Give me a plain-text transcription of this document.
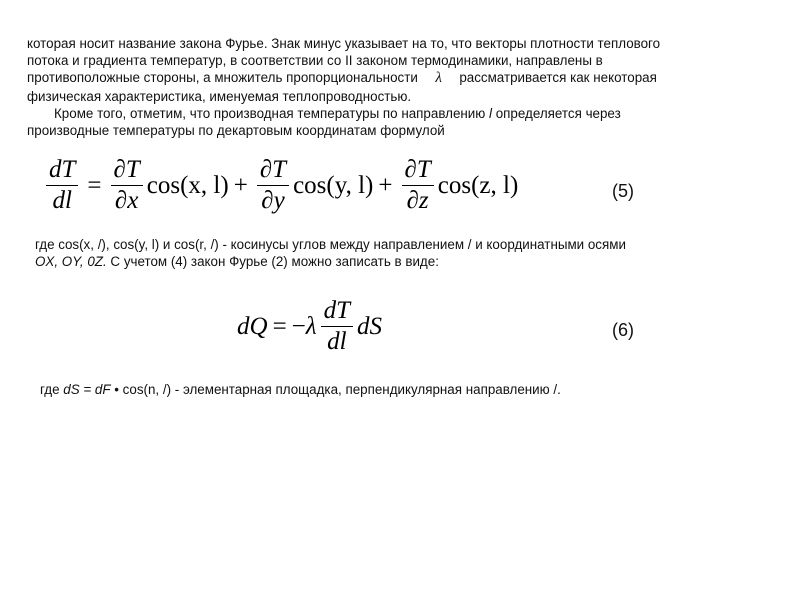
которая носит название закона Фурье. Знак минус указывает на то, что векторы плотности теплового
потока и градиента температур, в соответствии со II законом термодинамики, направлены в
противоположные стороны, а множитель пропорциональности λ рассматривается как некоторая
физическая характеристика, именуемая теплопроводностью.
Кроме того, отметим, что производная температуры по направлению l определяется через
производные температуры по декартовым координатам формулой
$\frac{dT}{dl} = \frac{\partial T}{\partial x} \cos(x$, $l) + \frac{\partial T}{\partial y} \cos(y$, $l) + \frac{\partial T}{\partial z} \cos(z$, l)	(5)
где cos(x, /), cos(y, l) и cos(r, /) - косинусы углов между направлением / и координатными осями
OX, OY, 0Z. С учетом (4) закон Фурье (2) можно записать в виде:
dQ = − λ $\frac{dT}{dl}$ dS	(6)
где dS = dF • cos(n, /) - элементарная площадка, перпендикулярная направлению /.
